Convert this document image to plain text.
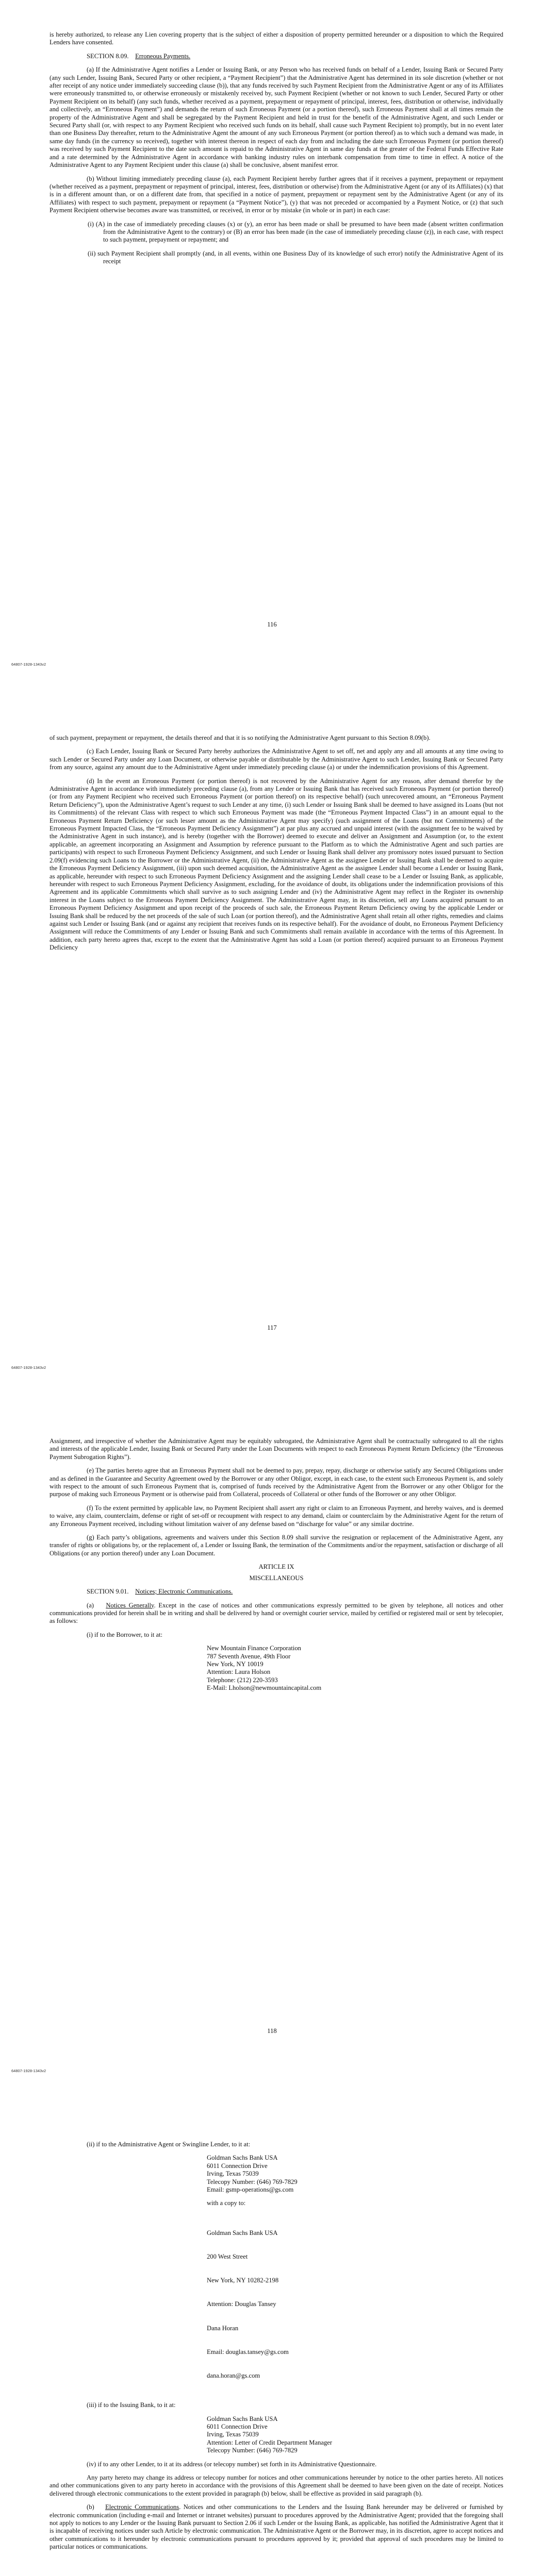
is hereby authorized, to release any Lien covering property that is the subject of either a disposition of property permitted hereunder or a disposition to which the Required Lenders have consented.

SECTION 8.09. Erroneous Payments.

(a) If the Administrative Agent notifies a Lender or Issuing Bank, or any Person who has received funds on behalf of a Lender, Issuing Bank or Secured Party (any such Lender, Issuing Bank, Secured Party or other recipient, a “Payment Recipient”) that the Administrative Agent has determined in its sole discretion (whether or not after receipt of any notice under immediately succeeding clause (b)), that any funds received by such Payment Recipient from the Administrative Agent or any of its Affiliates were erroneously transmitted to, or otherwise erroneously or mistakenly received by, such Payment Recipient (whether or not known to such Lender, Secured Party or other Payment Recipient on its behalf) (any such funds, whether received as a payment, prepayment or repayment of principal, interest, fees, distribution or otherwise, individually and collectively, an “Erroneous Payment”) and demands the return of such Erroneous Payment (or a portion thereof), such Erroneous Payment shall at all times remain the property of the Administrative Agent and shall be segregated by the Payment Recipient and held in trust for the benefit of the Administrative Agent, and such Lender or Secured Party shall (or, with respect to any Payment Recipient who received such funds on its behalf, shall cause such Payment Recipient to) promptly, but in no event later than one Business Day thereafter, return to the Administrative Agent the amount of any such Erroneous Payment (or portion thereof) as to which such a demand was made, in same day funds (in the currency so received), together with interest thereon in respect of each day from and including the date such Erroneous Payment (or portion thereof) was received by such Payment Recipient to the date such amount is repaid to the Administrative Agent in same day funds at the greater of the Federal Funds Effective Rate and a rate determined by the Administrative Agent in accordance with banking industry rules on interbank compensation from time to time in effect. A notice of the Administrative Agent to any Payment Recipient under this clause (a) shall be conclusive, absent manifest error.

(b) Without limiting immediately preceding clause (a), each Payment Recipient hereby further agrees that if it receives a payment, prepayment or repayment (whether received as a payment, prepayment or repayment of principal, interest, fees, distribution or otherwise) from the Administrative Agent (or any of its Affiliates) (x) that is in a different amount than, or on a different date from, that specified in a notice of payment, prepayment or repayment sent by the Administrative Agent (or any of its Affiliates) with respect to such payment, prepayment or repayment (a “Payment Notice”), (y) that was not preceded or accompanied by a Payment Notice, or (z) that such Payment Recipient otherwise becomes aware was transmitted, or received, in error or by mistake (in whole or in part) in each case:

(i) (A) in the case of immediately preceding clauses (x) or (y), an error has been made or shall be presumed to have been made (absent written confirmation from the Administrative Agent to the contrary) or (B) an error has been made (in the case of immediately preceding clause (z)), in each case, with respect to such payment, prepayment or repayment; and

(ii) such Payment Recipient shall promptly (and, in all events, within one Business Day of its knowledge of such error) notify the Administrative Agent of its receipt

116
64807-1928-1343v2

of such payment, prepayment or repayment, the details thereof and that it is so notifying the Administrative Agent pursuant to this Section 8.09(b).

(c) Each Lender, Issuing Bank or Secured Party hereby authorizes the Administrative Agent to set off, net and apply any and all amounts at any time owing to such Lender or Secured Party under any Loan Document, or otherwise payable or distributable by the Administrative Agent to such Lender, Issuing Bank or Secured Party from any source, against any amount due to the Administrative Agent under immediately preceding clause (a) or under the indemnification provisions of this Agreement.

(d) In the event an Erroneous Payment (or portion thereof) is not recovered by the Administrative Agent for any reason, after demand therefor by the Administrative Agent in accordance with immediately preceding clause (a), from any Lender or Issuing Bank that has received such Erroneous Payment (or portion thereof) (or from any Payment Recipient who received such Erroneous Payment (or portion thereof) on its respective behalf) (such unrecovered amount, an “Erroneous Payment Return Deficiency”), upon the Administrative Agent’s request to such Lender at any time, (i) such Lender or Issuing Bank shall be deemed to have assigned its Loans (but not its Commitments) of the relevant Class with respect to which such Erroneous Payment was made (the “Erroneous Payment Impacted Class”) in an amount equal to the Erroneous Payment Return Deficiency (or such lesser amount as the Administrative Agent may specify) (such assignment of the Loans (but not Commitments) of the Erroneous Payment Impacted Class, the “Erroneous Payment Deficiency Assignment”) at par plus any accrued and unpaid interest (with the assignment fee to be waived by the Administrative Agent in such instance), and is hereby (together with the Borrower) deemed to execute and deliver an Assignment and Assumption (or, to the extent applicable, an agreement incorporating an Assignment and Assumption by reference pursuant to the Platform as to which the Administrative Agent and such parties are participants) with respect to such Erroneous Payment Deficiency Assignment, and such Lender or Issuing Bank shall deliver any promissory notes issued pursuant to Section 2.09(f) evidencing such Loans to the Borrower or the Administrative Agent, (ii) the Administrative Agent as the assignee Lender or Issuing Bank shall be deemed to acquire the Erroneous Payment Deficiency Assignment, (iii) upon such deemed acquisition, the Administrative Agent as the assignee Lender shall become a Lender or Issuing Bank, as applicable, hereunder with respect to such Erroneous Payment Deficiency Assignment and the assigning Lender shall cease to be a Lender or Issuing Bank, as applicable, hereunder with respect to such Erroneous Payment Deficiency Assignment, excluding, for the avoidance of doubt, its obligations under the indemnification provisions of this Agreement and its applicable Commitments which shall survive as to such assigning Lender and (iv) the Administrative Agent may reflect in the Register its ownership interest in the Loans subject to the Erroneous Payment Deficiency Assignment. The Administrative Agent may, in its discretion, sell any Loans acquired pursuant to an Erroneous Payment Deficiency Assignment and upon receipt of the proceeds of such sale, the Erroneous Payment Return Deficiency owing by the applicable Lender or Issuing Bank shall be reduced by the net proceeds of the sale of such Loan (or portion thereof), and the Administrative Agent shall retain all other rights, remedies and claims against such Lender or Issuing Bank (and or against any recipient that receives funds on its respective behalf). For the avoidance of doubt, no Erroneous Payment Deficiency Assignment will reduce the Commitments of any Lender or Issuing Bank and such Commitments shall remain available in accordance with the terms of this Agreement. In addition, each party hereto agrees that, except to the extent that the Administrative Agent has sold a Loan (or portion thereof) acquired pursuant to an Erroneous Payment Deficiency

117
64807-1928-1343v2

Assignment, and irrespective of whether the Administrative Agent may be equitably subrogated, the Administrative Agent shall be contractually subrogated to all the rights and interests of the applicable Lender, Issuing Bank or Secured Party under the Loan Documents with respect to each Erroneous Payment Return Deficiency (the “Erroneous Payment Subrogation Rights”).

(e) The parties hereto agree that an Erroneous Payment shall not be deemed to pay, prepay, repay, discharge or otherwise satisfy any Secured Obligations under and as defined in the Guarantee and Security Agreement owed by the Borrower or any other Obligor, except, in each case, to the extent such Erroneous Payment is, and solely with respect to the amount of such Erroneous Payment that is, comprised of funds received by the Administrative Agent from the Borrower or any other Obligor for the purpose of making such Erroneous Payment or is otherwise paid from Collateral, proceeds of Collateral or other funds of the Borrower or any other Obligor.

(f) To the extent permitted by applicable law, no Payment Recipient shall assert any right or claim to an Erroneous Payment, and hereby waives, and is deemed to waive, any claim, counterclaim, defense or right of set-off or recoupment with respect to any demand, claim or counterclaim by the Administrative Agent for the return of any Erroneous Payment received, including without limitation waiver of any defense based on “discharge for value” or any similar doctrine.

(g) Each party’s obligations, agreements and waivers under this Section 8.09 shall survive the resignation or replacement of the Administrative Agent, any transfer of rights or obligations by, or the replacement of, a Lender or Issuing Bank, the termination of the Commitments and/or the repayment, satisfaction or discharge of all Obligations (or any portion thereof) under any Loan Document.

ARTICLE IX

MISCELLANEOUS

SECTION 9.01. Notices; Electronic Communications.

(a) Notices Generally. Except in the case of notices and other communications expressly permitted to be given by telephone, all notices and other communications provided for herein shall be in writing and shall be delivered by hand or overnight courier service, mailed by certified or registered mail or sent by telecopier, as follows:

(i) if to the Borrower, to it at:

New Mountain Finance Corporation
787 Seventh Avenue, 49th Floor
New York, NY 10019
Attention: Laura Holson
Telephone: (212) 220-3593
E-Mail: Lholson@newmountaincapital.com
118
64807-1928-1343v2

(ii) if to the Administrative Agent or Swingline Lender, to it at:

Goldman Sachs Bank USA
6011 Connection Drive
Irving, Texas 75039
Telecopy Number: (646) 769-7829
Email: gsmp-operations@gs.com
with a copy to:

Goldman Sachs Bank USA

200 West Street

New York, NY 10282-2198

Attention: Douglas Tansey

Dana Horan

Email: douglas.tansey@gs.com

dana.horan@gs.com

(iii) if to the Issuing Bank, to it at:

Goldman Sachs Bank USA
6011 Connection Drive
Irving, Texas 75039
Attention: Letter of Credit Department Manager
Telecopy Number: (646) 769-7829

(iv) if to any other Lender, to it at its address (or telecopy number) set forth in its Administrative Questionnaire.

Any party hereto may change its address or telecopy number for notices and other communications hereunder by notice to the other parties hereto. All notices and other communications given to any party hereto in accordance with the provisions of this Agreement shall be deemed to have been given on the date of receipt. Notices delivered through electronic communications to the extent provided in paragraph (b) below, shall be effective as provided in said paragraph (b).

(b) Electronic Communications. Notices and other communications to the Lenders and the Issuing Bank hereunder may be delivered or furnished by electronic communication (including e-mail and Internet or intranet websites) pursuant to procedures approved by the Administrative Agent; provided that the foregoing shall not apply to notices to any Lender or the Issuing Bank pursuant to Section 2.06 if such Lender or the Issuing Bank, as applicable, has notified the Administrative Agent that it is incapable of receiving notices under such Article by electronic communication. The Administrative Agent or the Borrower may, in its discretion, agree to accept notices and other communications to it hereunder by electronic communications pursuant to procedures approved by it; provided that approval of such procedures may be limited to particular notices or communications.
